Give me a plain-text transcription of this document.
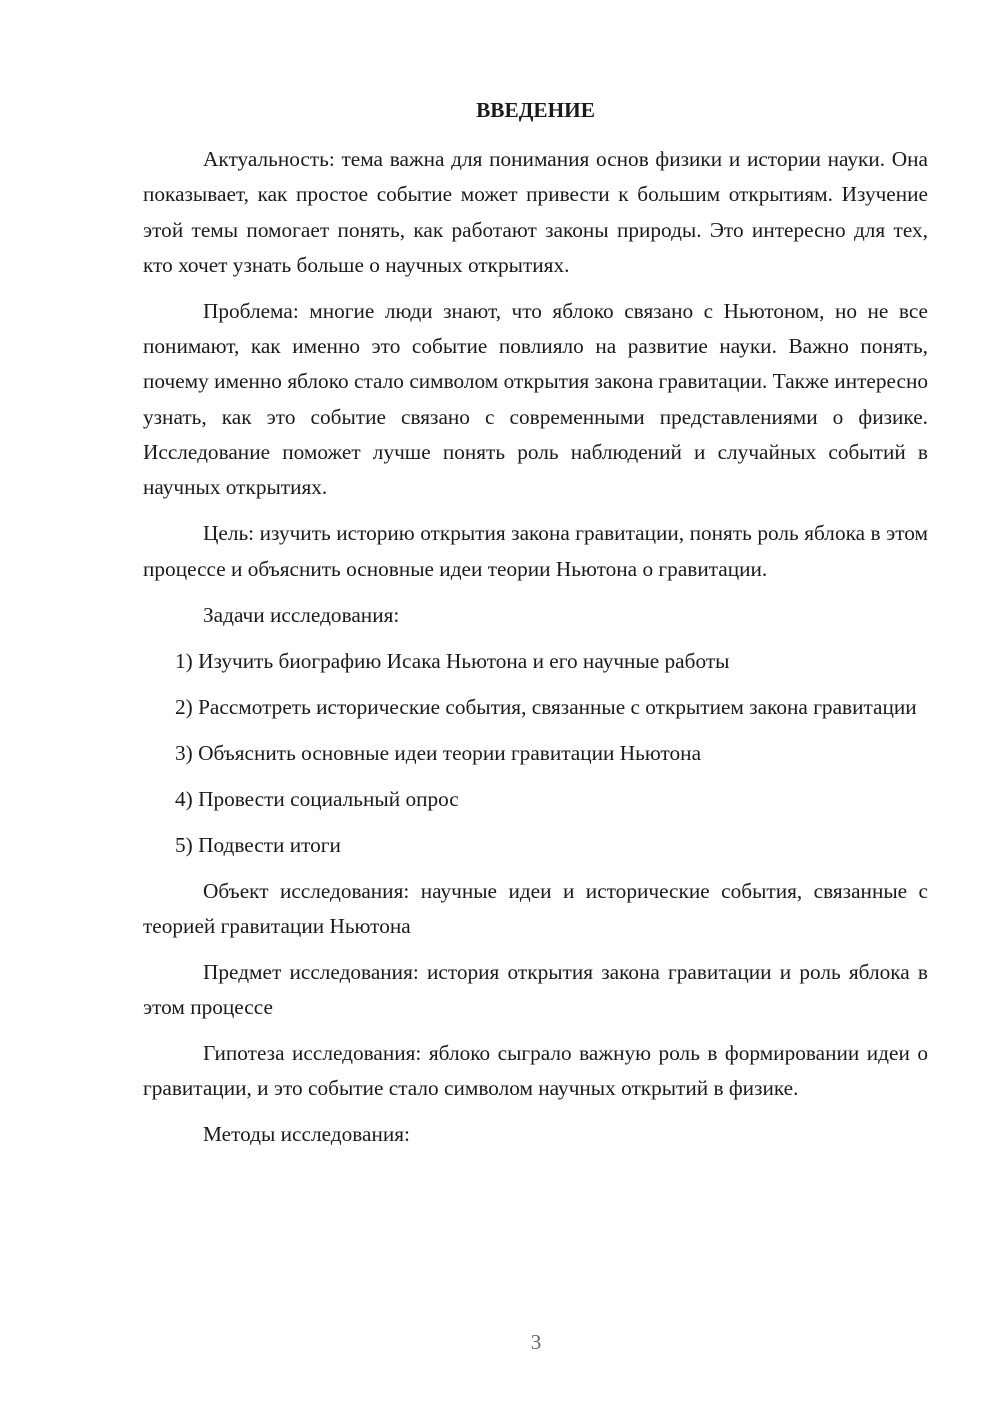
ВВЕДЕНИЕ
Актуальность: тема важна для понимания основ физики и истории науки. Она показывает, как простое событие может привести к большим открытиям. Изучение этой темы помогает понять, как работают законы природы. Это интересно для тех, кто хочет узнать больше о научных открытиях.
Проблема: многие люди знают, что яблоко связано с Ньютоном, но не все понимают, как именно это событие повлияло на развитие науки. Важно понять, почему именно яблоко стало символом открытия закона гравитации. Также интересно узнать, как это событие связано с современными представлениями о физике. Исследование поможет лучше понять роль наблюдений и случайных событий в научных открытиях.
Цель: изучить историю открытия закона гравитации, понять роль яблока в этом процессе и объяснить основные идеи теории Ньютона о гравитации.
Задачи исследования:
1) Изучить биографию Исака Ньютона и его научные работы
2) Рассмотреть исторические события, связанные с открытием закона гравитации
3) Объяснить основные идеи теории гравитации Ньютона
4) Провести социальный опрос
5) Подвести итоги
Объект исследования: научные идеи и исторические события, связанные с теорией гравитации Ньютона
Предмет исследования: история открытия закона гравитации и роль яблока в этом процессе
Гипотеза исследования: яблоко сыграло важную роль в формировании идеи о гравитации, и это событие стало символом научных открытий в физике.
Методы исследования:
3
